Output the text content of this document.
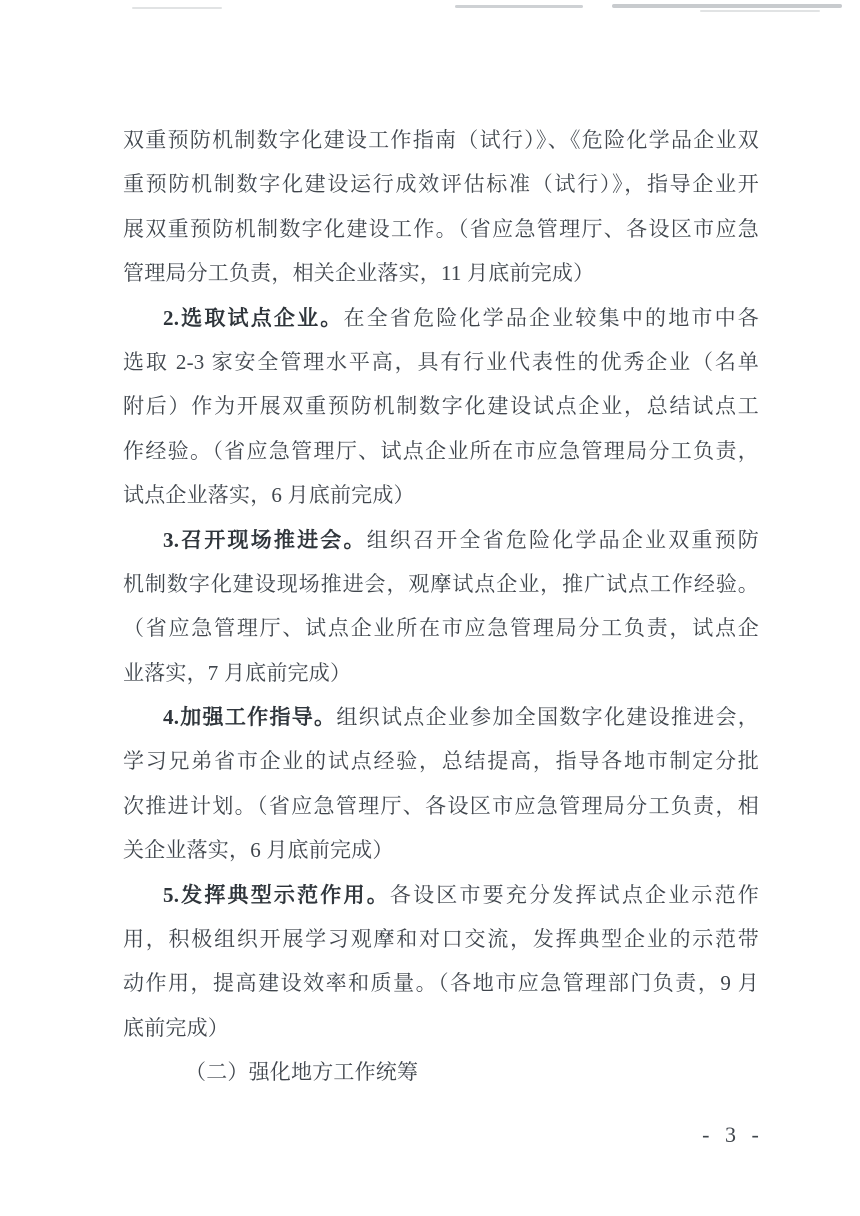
双重预防机制数字化建设工作指南（试行）》、《危险化学品企业双
重预防机制数字化建设运行成效评估标准（试行）》，指导企业开
展双重预防机制数字化建设工作。（省应急管理厅、各设区市应急
管理局分工负责，相关企业落实，11 月底前完成）
2.选取试点企业。在全省危险化学品企业较集中的地市中各
选取 2-3 家安全管理水平高，具有行业代表性的优秀企业（名单
附后）作为开展双重预防机制数字化建设试点企业，总结试点工
作经验。（省应急管理厅、试点企业所在市应急管理局分工负责，
试点企业落实，6 月底前完成）
3.召开现场推进会。组织召开全省危险化学品企业双重预防
机制数字化建设现场推进会，观摩试点企业，推广试点工作经验。
（省应急管理厅、试点企业所在市应急管理局分工负责，试点企
业落实，7 月底前完成）
4.加强工作指导。组织试点企业参加全国数字化建设推进会，
学习兄弟省市企业的试点经验，总结提高，指导各地市制定分批
次推进计划。（省应急管理厅、各设区市应急管理局分工负责，相
关企业落实，6 月底前完成）
5.发挥典型示范作用。各设区市要充分发挥试点企业示范作
用，积极组织开展学习观摩和对口交流，发挥典型企业的示范带
动作用，提高建设效率和质量。（各地市应急管理部门负责，9 月
底前完成）
（二）强化地方工作统筹
- 3 -
